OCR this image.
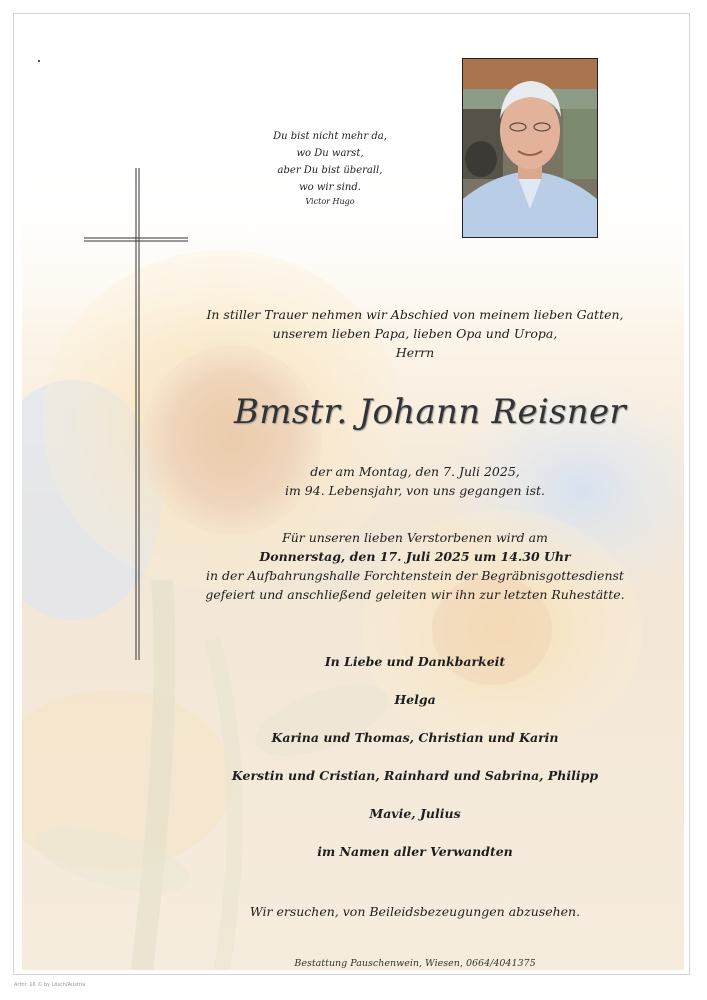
Du bist nicht mehr da,
wo Du warst,
aber Du bist überall,
wo wir sind.
Victor Hugo
In stiller Trauer nehmen wir Abschied von meinem lieben Gatten,
unserem lieben Papa, lieben Opa und Uropa,
Herrn
Bmstr. Johann Reisner
der am Montag, den 7. Juli 2025,
im 94. Lebensjahr, von uns gegangen ist.
Für unseren lieben Verstorbenen wird am
Donnerstag, den 17. Juli 2025 um 14.30 Uhr
in der Aufbahrungshalle Forchtenstein der Begräbnisgottesdienst
gefeiert und anschließend geleiten wir ihn zur letzten Ruhestätte.
In Liebe und Dankbarkeit
Helga
Karina und Thomas, Christian und Karin
Kerstin und Cristian, Rainhard und Sabrina, Philipp
Mavie, Julius
im Namen aller Verwandten
Wir ersuchen, von Beileidsbezeugungen abzusehen.
Bestattung Pauschenwein, Wiesen, 0664/4041375
Artnr. 16 © by Lösch/Austria
